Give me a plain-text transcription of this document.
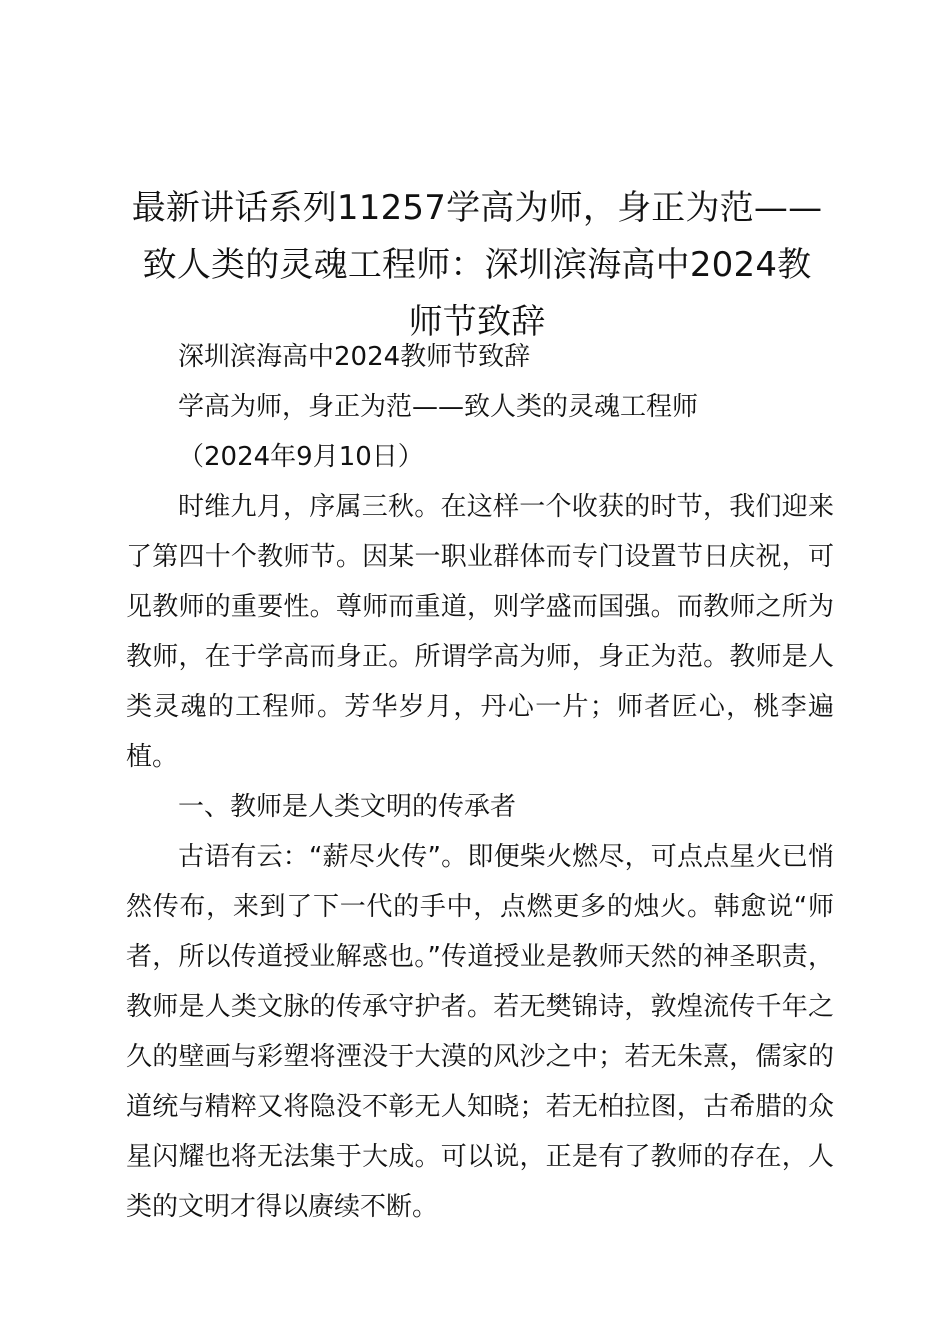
最新讲话系列11257学高为师，身正为范——致人类的灵魂工程师：深圳滨海高中2024教师节致辞

深圳滨海高中2024教师节致辞

学高为师，身正为范——致人类的灵魂工程师

（2024年9月10日）

时维九月，序属三秋。在这样一个收获的时节，我们迎来了第四十个教师节。因某一职业群体而专门设置节日庆祝，可见教师的重要性。尊师而重道，则学盛而国强。而教师之所为教师，在于学高而身正。所谓学高为师，身正为范。教师是人类灵魂的工程师。芳华岁月，丹心一片；师者匠心，桃李遍植。

一、教师是人类文明的传承者

古语有云：“薪尽火传”。即便柴火燃尽，可点点星火已悄然传布，来到了下一代的手中，点燃更多的烛火。韩愈说“师者，所以传道授业解惑也。”传道授业是教师天然的神圣职责，教师是人类文脉的传承守护者。若无樊锦诗，敦煌流传千年之久的壁画与彩塑将湮没于大漠的风沙之中；若无朱熹，儒家的道统与精粹又将隐没不彰无人知晓；若无柏拉图，古希腊的众星闪耀也将无法集于大成。可以说，正是有了教师的存在，人类的文明才得以赓续不断。
